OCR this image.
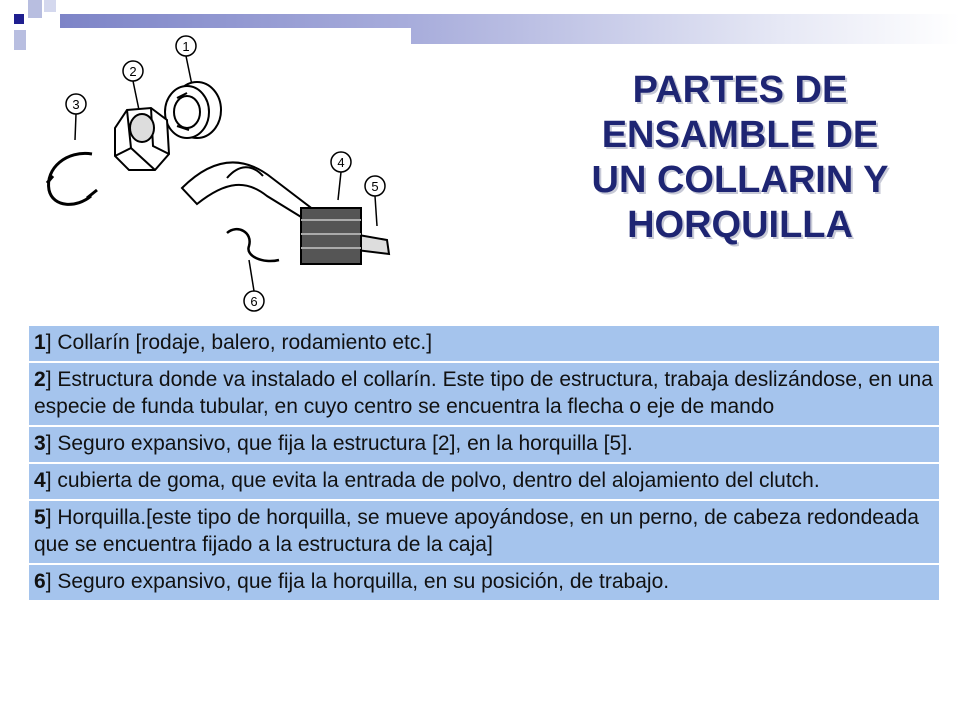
1
2
3
4
5
6
PARTES DE
ENSAMBLE DE
UN COLLARIN Y
HORQUILLA
1] Collarín [rodaje, balero, rodamiento etc.]
2] Estructura donde va instalado el collarín. Este tipo de estructura, trabaja deslizándose, en una especie de funda tubular, en cuyo centro se encuentra la flecha o eje de mando
3] Seguro expansivo, que fija la estructura [2], en la horquilla [5].
4] cubierta de goma, que evita la entrada de polvo, dentro del alojamiento del clutch.
5] Horquilla.[este tipo de horquilla, se mueve apoyándose, en un perno, de cabeza redondeada que se encuentra fijado a la estructura de la caja]
6] Seguro expansivo, que fija la horquilla, en su posición, de trabajo.
